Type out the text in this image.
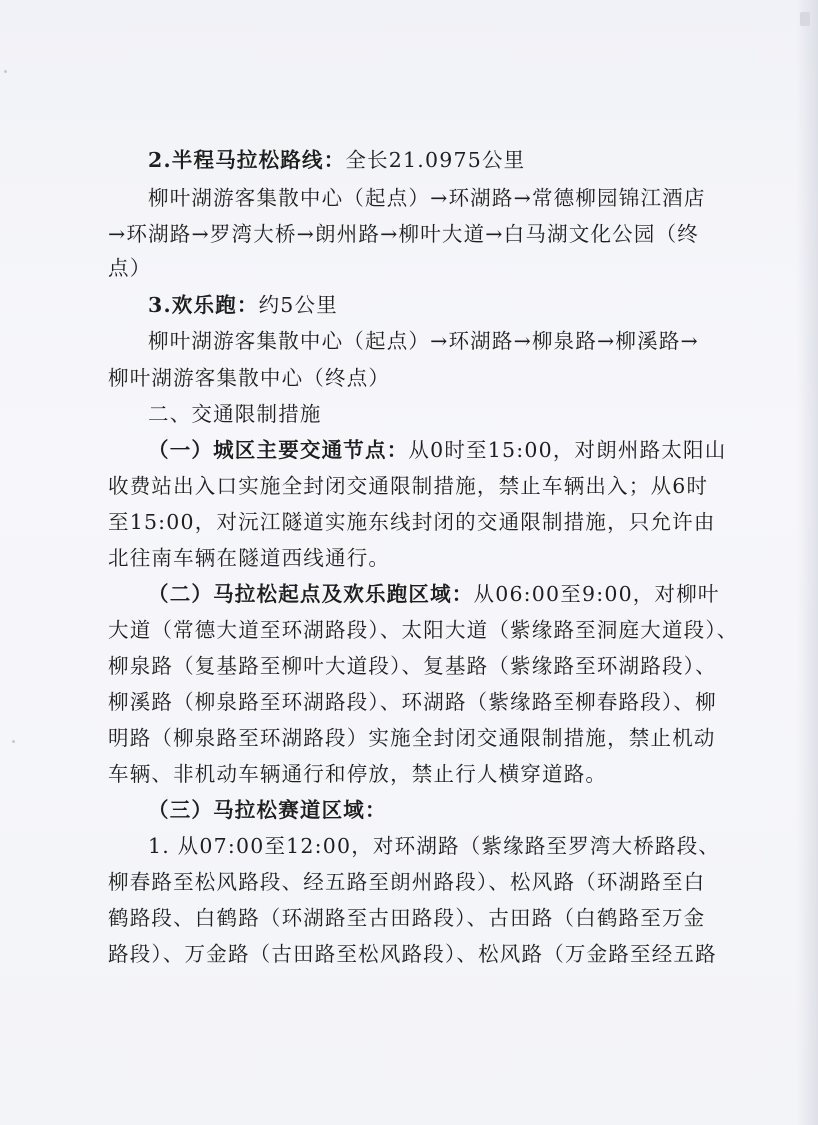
2.半程马拉松路线：全长21.0975公里
柳叶湖游客集散中心（起点）→环湖路→常德柳园锦江酒店
→环湖路→罗湾大桥→朗州路→柳叶大道→白马湖文化公园（终
点）
3.欢乐跑：约5公里
柳叶湖游客集散中心（起点）→环湖路→柳泉路→柳溪路→
柳叶湖游客集散中心（终点）
二、交通限制措施
（一）城区主要交通节点：从0时至15:00，对朗州路太阳山
收费站出入口实施全封闭交通限制措施，禁止车辆出入；从6时
至15:00，对沅江隧道实施东线封闭的交通限制措施，只允许由
北往南车辆在隧道西线通行。
（二）马拉松起点及欢乐跑区域：从06:00至9:00，对柳叶
大道（常德大道至环湖路段）、太阳大道（紫缘路至洞庭大道段）、
柳泉路（复基路至柳叶大道段）、复基路（紫缘路至环湖路段）、
柳溪路（柳泉路至环湖路段）、环湖路（紫缘路至柳春路段）、柳
明路（柳泉路至环湖路段）实施全封闭交通限制措施，禁止机动
车辆、非机动车辆通行和停放，禁止行人横穿道路。
（三）马拉松赛道区域：
1. 从07:00至12:00，对环湖路（紫缘路至罗湾大桥路段、
柳春路至松风路段、经五路至朗州路段）、松风路（环湖路至白
鹤路段、白鹤路（环湖路至古田路段）、古田路（白鹤路至万金
路段）、万金路（古田路至松风路段）、松风路（万金路至经五路
